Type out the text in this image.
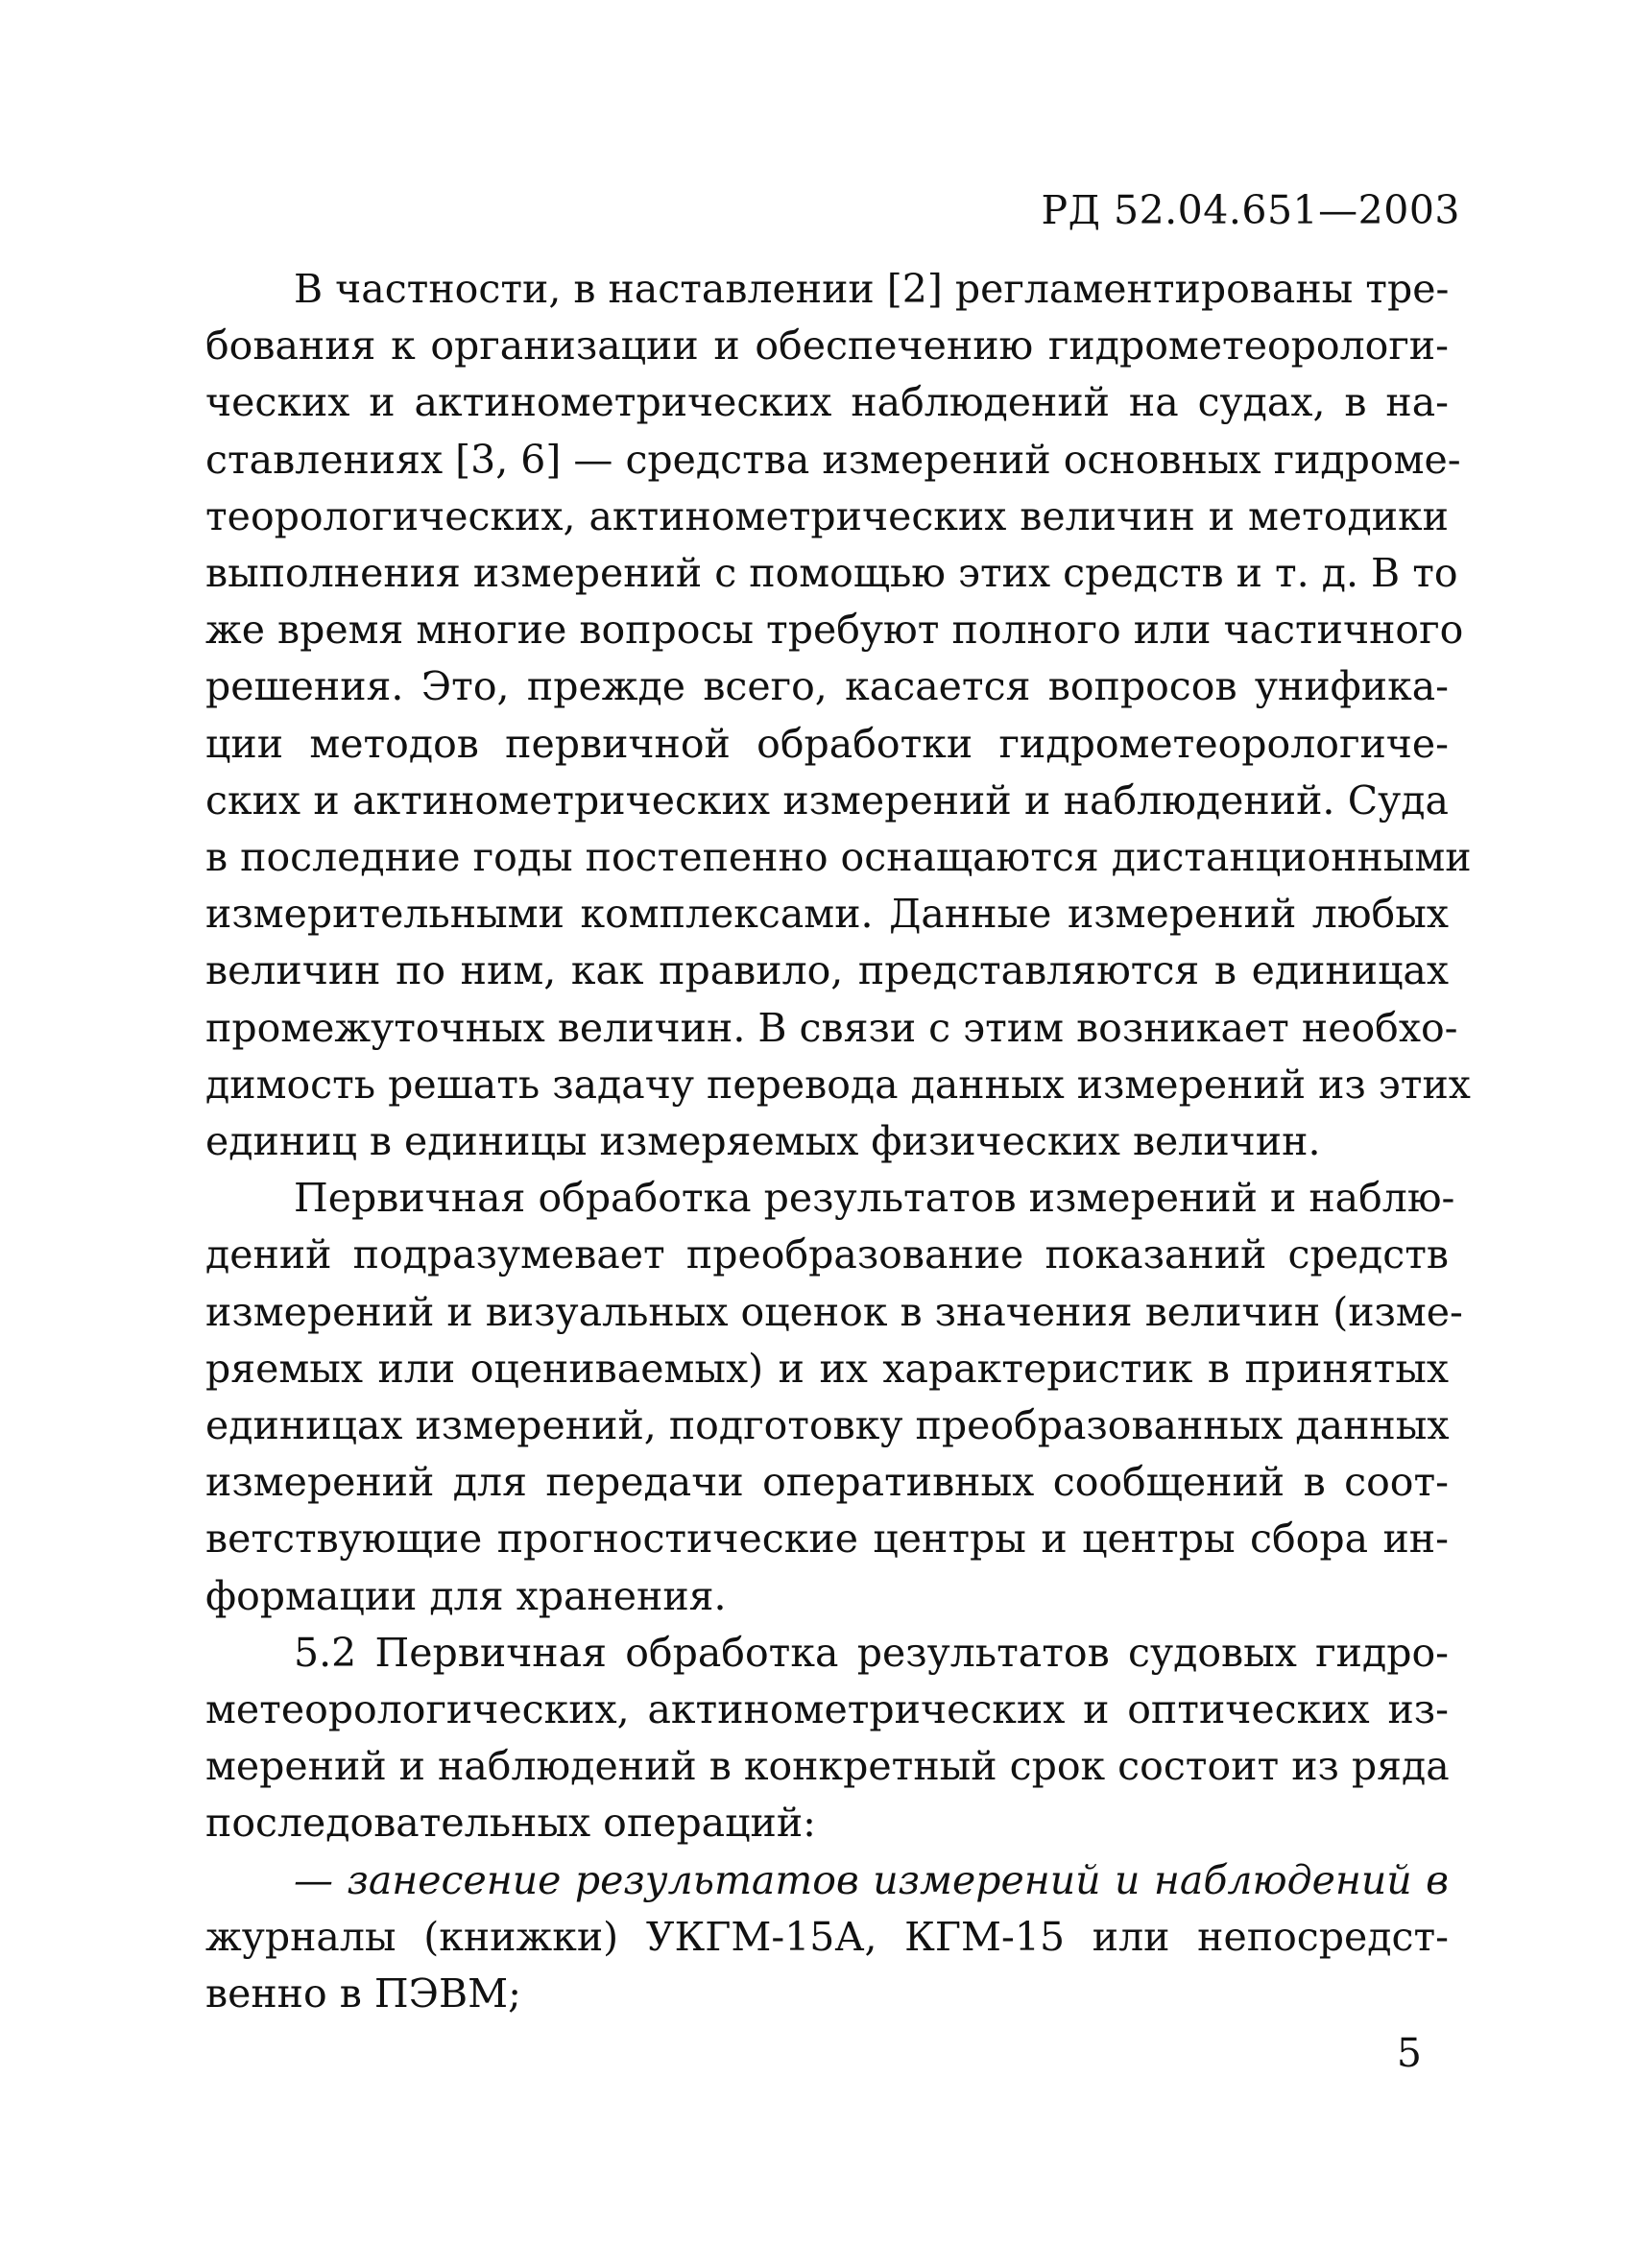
РД 52.04.651—2003
В частности, в наставлении [2] регламентированы тре-
бования к организации и обеспечению гидрометеорологи-
ческих и актинометрических наблюдений на судах, в на-
ставлениях [3, 6] — средства измерений основных гидроме-
теорологических, актинометрических величин и методики
выполнения измерений с помощью этих средств и т. д. В то
же время многие вопросы требуют полного или частичного
решения. Это, прежде всего, касается вопросов унифика-
ции методов первичной обработки гидрометеорологиче-
ских и актинометрических измерений и наблюдений. Суда
в последние годы постепенно оснащаются дистанционными
измерительными комплексами. Данные измерений любых
величин по ним, как правило, представляются в единицах
промежуточных величин. В связи с этим возникает необхо-
димость решать задачу перевода данных измерений из этих
единиц в единицы измеряемых физических величин.
Первичная обработка результатов измерений и наблю-
дений подразумевает преобразование показаний средств
измерений и визуальных оценок в значения величин (изме-
ряемых или оцениваемых) и их характеристик в принятых
единицах измерений, подготовку преобразованных данных
измерений для передачи оперативных сообщений в соот-
ветствующие прогностические центры и центры сбора ин-
формации для хранения.
5.2 Первичная обработка результатов судовых гидро-
метеорологических, актинометрических и оптических из-
мерений и наблюдений в конкретный срок состоит из ряда
последовательных операций:
— занесение результатов измерений и наблюдений в
журналы (книжки) УКГМ-15А, КГМ-15 или непосредст-
венно в ПЭВМ;
5
